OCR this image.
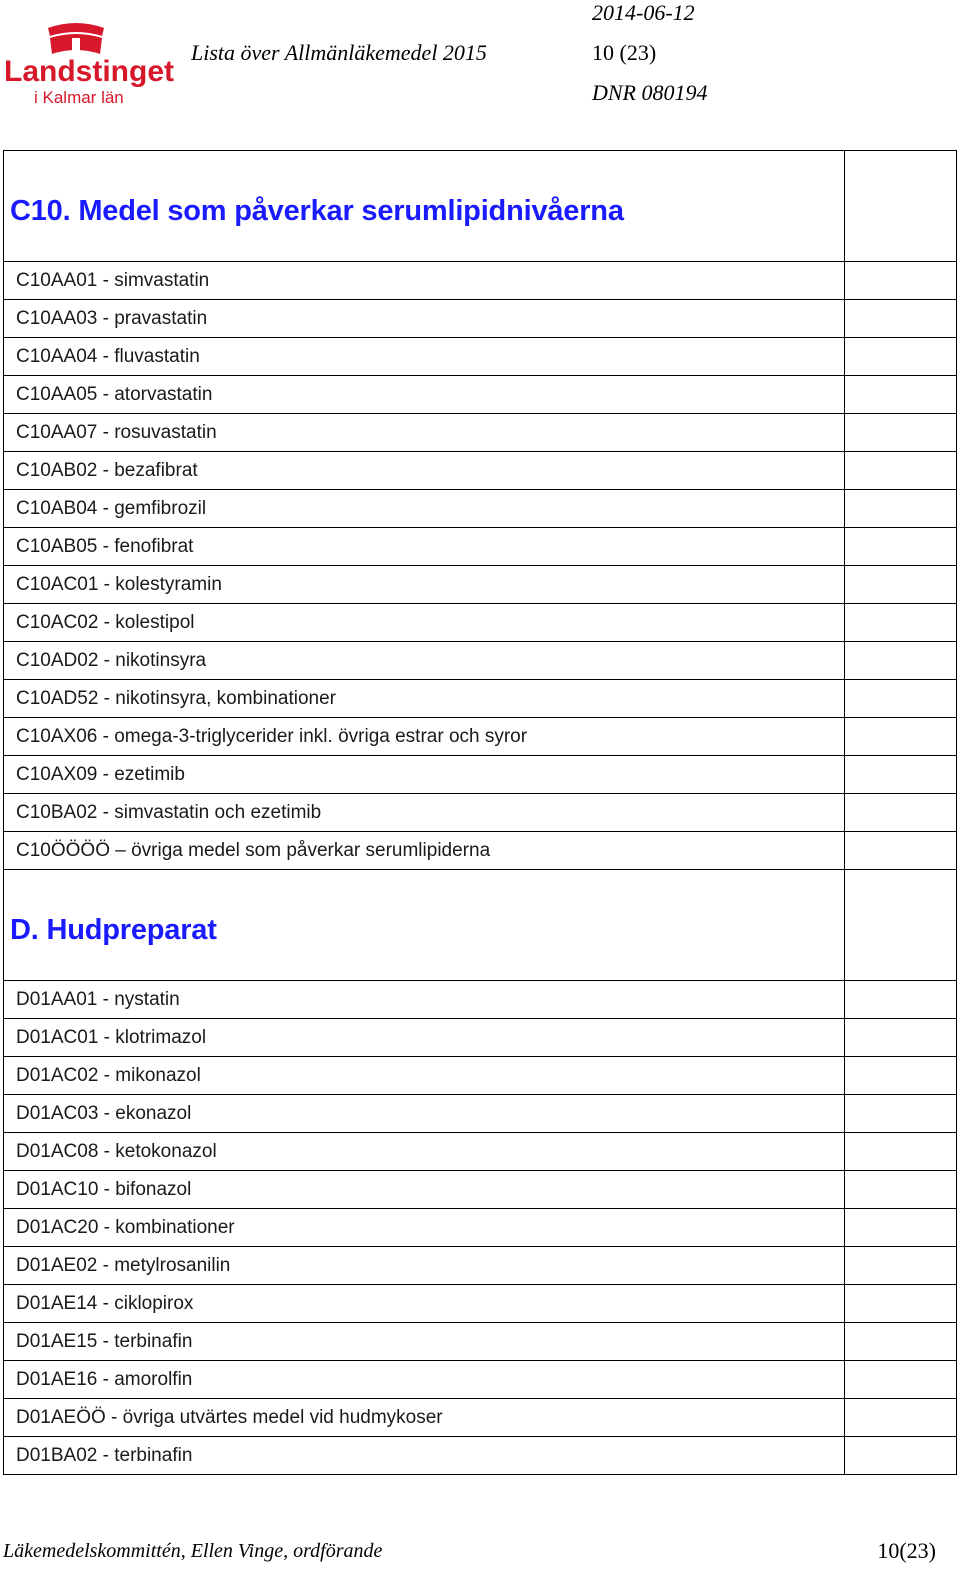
Landstinget
i Kalmar län
2014-06-12
Lista över Allmänläkemedel 2015	10 (23)
DNR 080194
C10. Medel som påverkar serumlipidnivåerna	

C10AA01 - simvastatin	

C10AA03 - pravastatin	

C10AA04 - fluvastatin	

C10AA05 - atorvastatin	

C10AA07 - rosuvastatin	

C10AB02 - bezafibrat	

C10AB04 - gemfibrozil	

C10AB05 - fenofibrat	

C10AC01 - kolestyramin	

C10AC02 - kolestipol	

C10AD02 - nikotinsyra	

C10AD52 - nikotinsyra, kombinationer	

C10AX06 - omega-3-triglycerider inkl. övriga estrar och syror	

C10AX09 - ezetimib	

C10BA02 - simvastatin och ezetimib	

C10ÖÖÖÖ – övriga medel som påverkar serumlipiderna	

D. Hudpreparat	

D01AA01 - nystatin	

D01AC01 - klotrimazol	

D01AC02 - mikonazol	

D01AC03 - ekonazol	

D01AC08 - ketokonazol	

D01AC10 - bifonazol	

D01AC20 - kombinationer	

D01AE02 - metylrosanilin	

D01AE14 - ciklopirox	

D01AE15 - terbinafin	

D01AE16 - amorolfin	

D01AEÖÖ - övriga utvärtes medel vid hudmykoser	

D01BA02 - terbinafin	

Läkemedelskommittén, Ellen Vinge, ordförande	10(23)
